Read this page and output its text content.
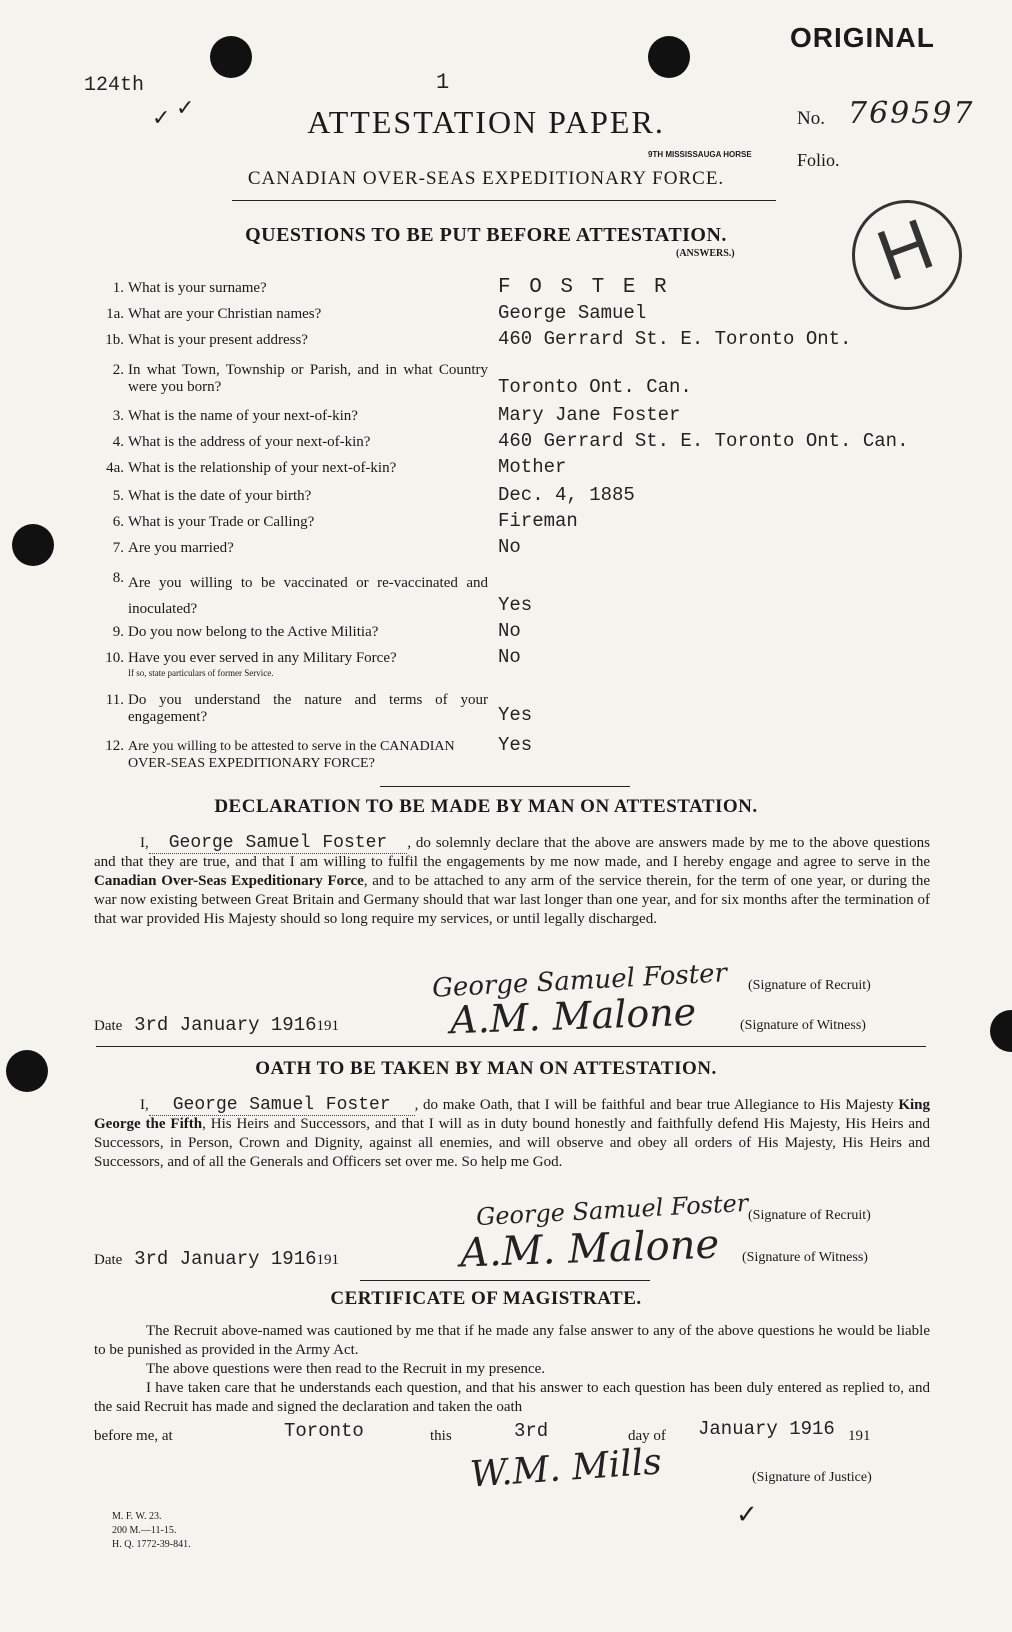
124th	1
ORIGINAL
✓ ✓	ATTESTATION PAPER.	No. 769597
9TH MISSISSAUGA HORSE	Folio.
CANADIAN OVER-SEAS EXPEDITIONARY FORCE.
H
QUESTIONS TO BE PUT BEFORE ATTESTATION.
(ANSWERS.)
1. What is your surname?	F O S T E R
1a. What are your Christian names?	George Samuel
1b. What is your present address?	460 Gerrard St. E. Toronto Ont.
2. In what Town, Township or Parish, and in what Country were you born?	Toronto Ont. Can.
3. What is the name of your next-of-kin?	Mary Jane Foster
4. What is the address of your next-of-kin?	460 Gerrard St. E. Toronto Ont. Can.
4a. What is the relationship of your next-of-kin?	Mother
5. What is the date of your birth?	Dec. 4, 1885
6. What is your Trade or Calling?	Fireman
7. Are you married?	No
8. Are you willing to be vaccinated or re-vaccinated and inoculated?	Yes
9. Do you now belong to the Active Militia?	No
10. Have you ever served in any Military Force?
If so, state particulars of former Service.
No
11. Do you understand the nature and terms of your engagement?	Yes
12. Are you willing to be attested to serve in the CANADIAN OVER-SEAS EXPEDITIONARY FORCE?
Yes
DECLARATION TO BE MADE BY MAN ON ATTESTATION.
I, George Samuel Foster , do solemnly declare that the above are answers made by me to the above questions and that they are true, and that I am willing to fulfil the engagements by me now made, and I hereby engage and agree to serve in the Canadian Over-Seas Expeditionary Force, and to be attached to any arm of the service therein, for the term of one year, or during the war now existing between Great Britain and Germany should that war last longer than one year, and for six months after the termination of that war provided His Majesty should so long require my services, or until legally discharged.
George Samuel Foster (Signature of Recruit)
Date 3rd January 1916191	A.M. Malone	(Signature of Witness)
OATH TO BE TAKEN BY MAN ON ATTESTATION.
I, George Samuel Foster , do make Oath, that I will be faithful and bear true Allegiance to His Majesty King George the Fifth, His Heirs and Successors, and that I will as in duty bound honestly and faithfully defend His Majesty, His Heirs and Successors, in Person, Crown and Dignity, against all enemies, and will observe and obey all orders of His Majesty, His Heirs and Successors, and of all the Generals and Officers set over me. So help me God.
George Samuel Foster (Signature of Recruit)
Date 3rd January 1916191	A.M. Malone (Signature of Witness)
CERTIFICATE OF MAGISTRATE.
The Recruit above-named was cautioned by me that if he made any false answer to any of the above questions he would be liable to be punished as provided in the Army Act.
The above questions were then read to the Recruit in my presence.
I have taken care that he understands each question, and that his answer to each question has been duly entered as replied to, and the said Recruit has made and signed the declaration and taken the oath
before me, at	Toronto	this	3rd	day of January 1916 191
W.M. Mills	(Signature of Justice)
✓
M. F. W. 23.
200 M.—11-15.
H. Q. 1772-39-841.
